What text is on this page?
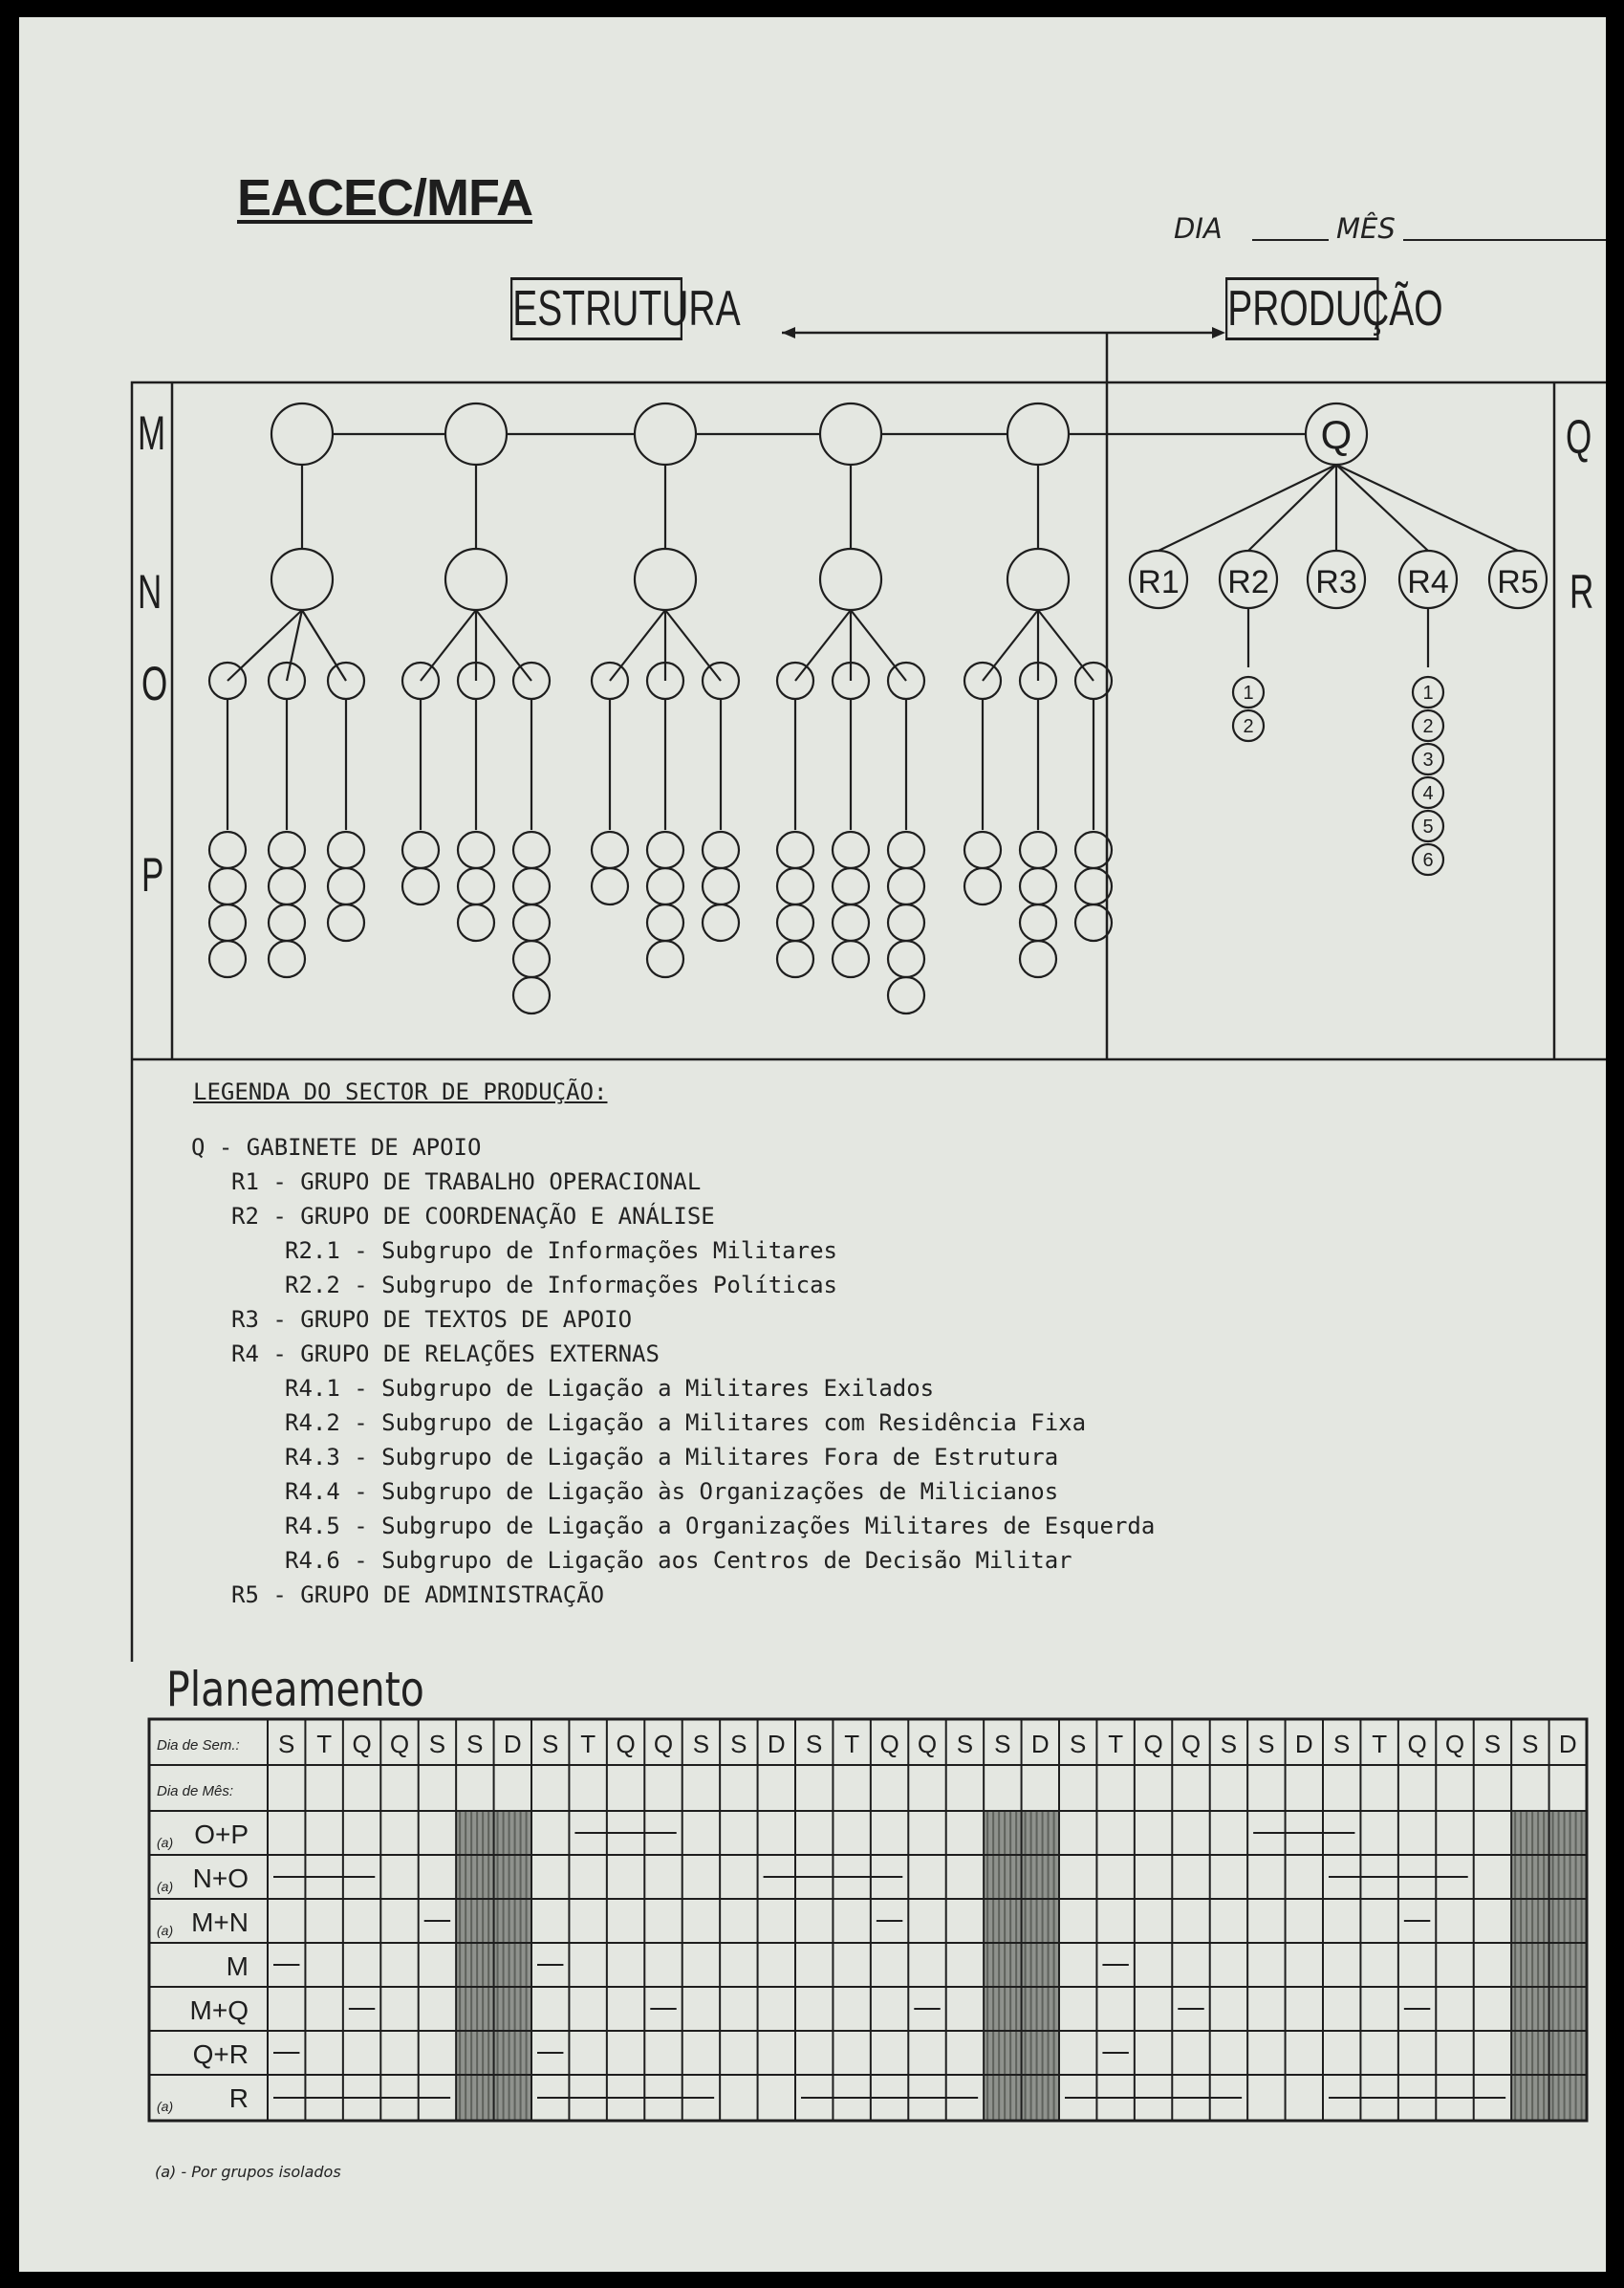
EACEC/MFA
DIA	MÊS
ESTRUTURA	PRODUÇÃO
Q
R1 R2 R3 R4 R5
1
2
1
2
3
4
5
6
M
N
O
P
Q
R
LEGENDA DO SECTOR DE PRODUÇÃO:
Q - GABINETE DE APOIO
R1 - GRUPO DE TRABALHO OPERACIONAL
R2 - GRUPO DE COORDENAÇÃO E ANÁLISE
R2.1 - Subgrupo de Informações Militares
R2.2 - Subgrupo de Informações Políticas
R3 - GRUPO DE TEXTOS DE APOIO
R4 - GRUPO DE RELAÇÕES EXTERNAS
R4.1 - Subgrupo de Ligação a Militares Exilados
R4.2 - Subgrupo de Ligação a Militares com Residência Fixa
R4.3 - Subgrupo de Ligação a Militares Fora de Estrutura
R4.4 - Subgrupo de Ligação às Organizações de Milicianos
R4.5 - Subgrupo de Ligação a Organizações Militares de Esquerda
R4.6 - Subgrupo de Ligação aos Centros de Decisão Militar
R5 - GRUPO DE ADMINISTRAÇÃO
Planeamento
Dia de Sem.:
Dia de Mês:
S T Q Q S S D S T Q Q S S D S T Q Q S S D S T Q Q S S D S T Q Q S S D
(a) O+P
(a) N+O
(a) M+N
M
M+Q
Q+R
(a) R
(a) - Por grupos isolados
